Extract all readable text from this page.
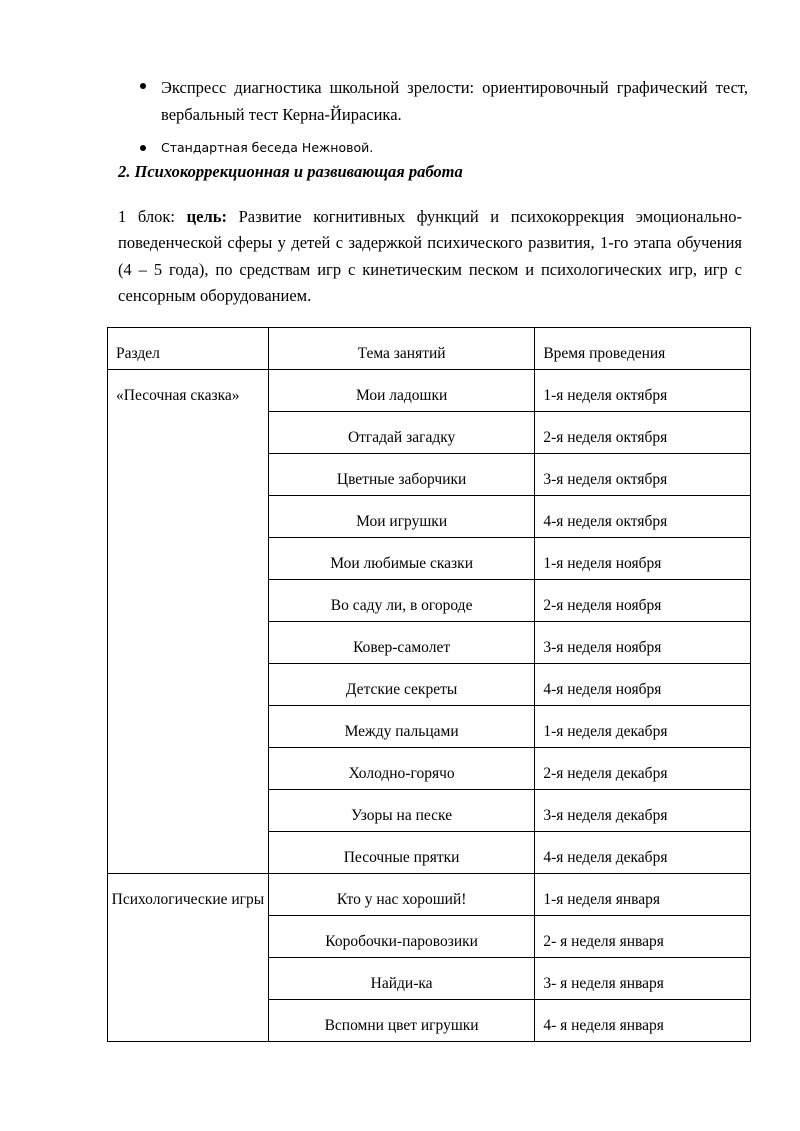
Экспресс диагностика школьной зрелости: ориентировочный графический тест, вербальный тест Керна-Йирасика.
Стандартная беседа Нежновой.
2. Психокоррекционная и развивающая работа

1 блок: цель: Развитие когнитивных функций и психокоррекция эмоционально-поведенческой сферы у детей с задержкой психического развития, 1-го этапа обучения (4 – 5 года), по средствам игр с кинетическим песком и психологических игр, игр с сенсорным оборудованием.

Раздел	Тема занятий	Время проведения

«Песочная сказка»	Мои ладошки	1-я неделя октября

	Отгадай загадку	2-я неделя октября

	Цветные заборчики	3-я неделя октября

	Мои игрушки	4-я неделя октября

	Мои любимые сказки	1-я неделя ноября

	Во саду ли, в огороде	2-я неделя ноября

	Ковер-самолет	3-я неделя ноября

	Детские секреты	4-я неделя ноября

	Между пальцами	1-я неделя декабря

	Холодно-горячо	2-я неделя декабря

	Узоры на песке	3-я неделя декабря

	Песочные прятки	4-я неделя декабря

Психологические игры	Кто у нас хороший!	1-я неделя января

	Коробочки-паровозики	2- я неделя января

	Найди-ка	3- я неделя января

	Вспомни цвет игрушки	4- я неделя января
